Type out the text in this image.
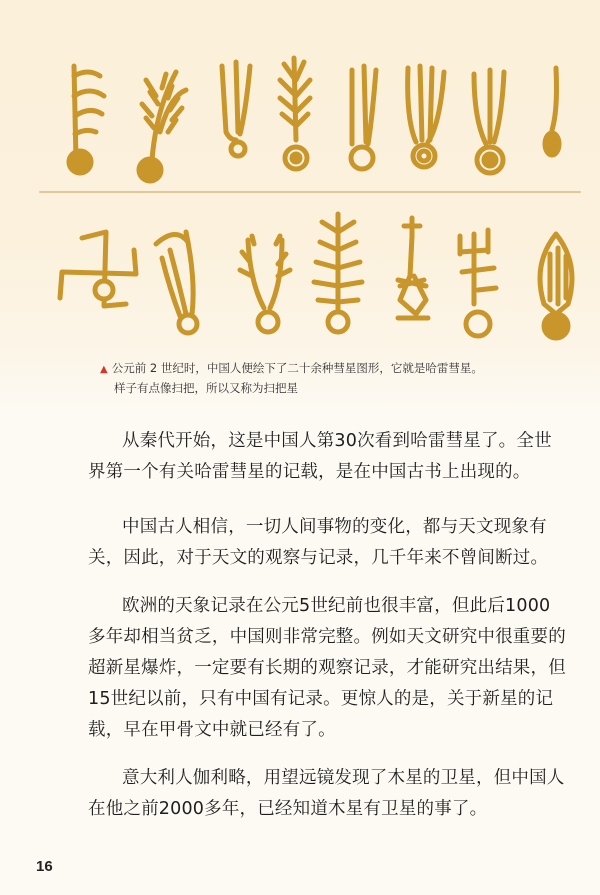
▲ 公元前 2 世纪时，中国人便绘下了二十余种彗星图形，它就是哈雷彗星。
样子有点像扫把，所以又称为扫把星

从秦代开始，这是中国人第30次看到哈雷彗星了。全世界第一个有关哈雷彗星的记载，是在中国古书上出现的。

中国古人相信，一切人间事物的变化，都与天文现象有关，因此，对于天文的观察与记录，几千年来不曾间断过。

欧洲的天象记录在公元5世纪前也很丰富，但此后1000多年却相当贫乏，中国则非常完整。例如天文研究中很重要的超新星爆炸，一定要有长期的观察记录，才能研究出结果，但15世纪以前，只有中国有记录。更惊人的是，关于新星的记载，早在甲骨文中就已经有了。

意大利人伽利略，用望远镜发现了木星的卫星，但中国人在他之前2000多年，已经知道木星有卫星的事了。

16
